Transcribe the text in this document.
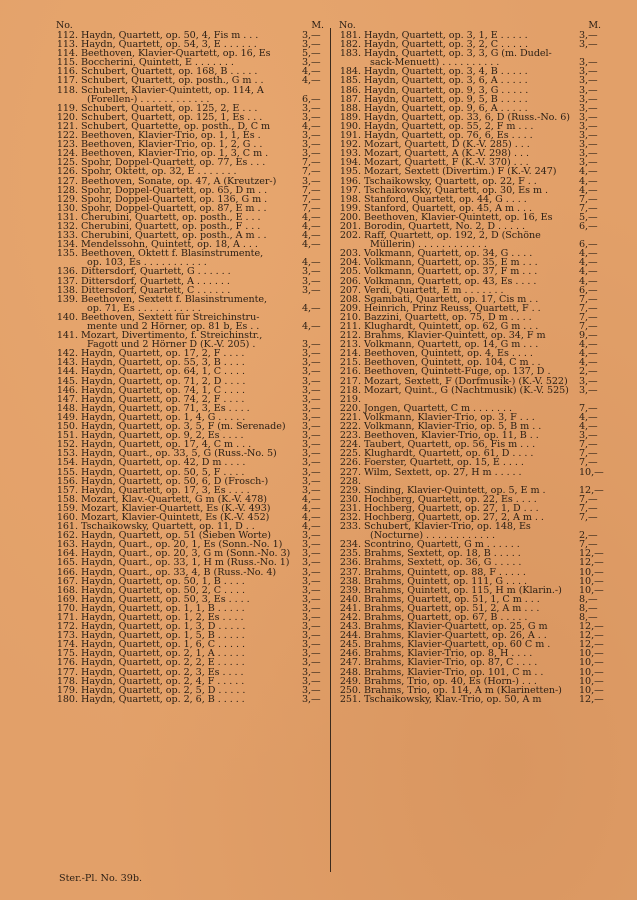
No.	M.
112. Haydn, Quartett, op. 50, 4, Fis m . . .	3,—
113. Haydn, Quartett, op. 54, 3, E . . . . . .	3,—
114. Beethoven, Klavier-Quartett, op. 16, Es	5,—
115. Boccherini, Quintett, E . . . . . . .	3,—
116. Schubert, Quartett, op. 168, B . . . . .	4,—
117. Schubert, Quartett, op. posth., G m . .	4,—
118. Schubert, Klavier-Quintett, op. 114, A
(Forellen-) . . . . . . . . . . . .	6,—
119. Schubert, Quartett, op. 125, 2, E . . .	3,—
120. Schubert, Quartett, op. 125, 1, Es . . .	3,—
121. Schubert, Quartette, op. posth., D, C m	4,—
122. Beethoven, Klavier-Trio, op. 1, 1, Es .	3,—
123. Beethoven, Klavier-Trio, op. 1, 2, G . .	3,—
124. Beethoven, Klavier-Trio, op. 1, 3, C m .	3,—
125. Spohr, Doppel-Quartett, op. 77, Es . . .	7,—
126. Spohr, Oktett, op. 32, E . . . . . . .	7,—
127. Beethoven, Sonate, op. 47, A (Kreutzer-)	3,—
128. Spohr, Doppel-Quartett, op. 65, D m . .	7,—
129. Spohr, Doppel-Quartett, op. 136, G m .	7,—
130. Spohr, Doppel-Quartett, op. 87, E m . .	7,—
131. Cherubini, Quartett, op. posth., E . . .	4,—
132. Cherubini, Quartett, op. posth., F . . .	4,—
133. Cherubini, Quartett, op. posth., A m . .	4,—
134. Mendelssohn, Quintett, op. 18, A . . .	4,—
135. Beethoven, Oktett f. Blasinstrumente,
op. 103, Es . . . . . . . . . . .	4,—
136. Dittersdorf, Quartett, G . . . . . .	3,—
137. Dittersdorf, Quartett, A . . . . . .	3,—
138. Dittersdorf, Quartett, C . . . . . .	3,—
139. Beethoven, Sextett f. Blasinstrumente,
op. 71, Es . . . . . . . . . . .	4,—
140. Beethoven, Sextett für Streichinstru-
mente und 2 Hörner, op. 81 b, Es . .	4,—
141. Mozart, Divertimento, f. Streichinstr.,
Fagott und 2 Hörner D (K.-V. 205) .	3,—
142. Haydn, Quartett, op. 17, 2, F . . . .	3,—
143. Haydn, Quartett, op. 55, 3, B . . . .	3,—
144. Haydn, Quartett, op. 64, 1, C . . . .	3,—
145. Haydn, Quartett, op. 71, 2, D . . . .	3,—
146. Haydn, Quartett, op. 74, 1, C . . . .	3,—
147. Haydn, Quartett, op. 74, 2, F . . . .	3,—
148. Haydn, Quartett, op. 71, 3, Es . . . .	3,—
149. Haydn, Quartett, op. 1, 4, G . . . . .	3,—
150. Haydn, Quartett, op. 3, 5, F (m. Serenade)	3,—
151. Haydn, Quartett, op. 9, 2, Es . . . .	3,—
152. Haydn, Quartett, op. 17, 4, C m . . .	3,—
153. Haydn, Quart., op. 33, 5, G (Russ.-No. 5)	3,—
154. Haydn, Quartett, op. 42, D m . . . .	3,—
155. Haydn, Quartett, op. 50, 5, F . . . .	3,—
156. Haydn, Quartett, op. 50, 6, D (Frosch-)	3,—
157. Haydn, Quartett, op. 17, 3, Es . . . .	3,—
158. Mozart, Klav.-Quartett, G m (K.-V. 478)	4,—
159. Mozart, Klavier-Quartett, Es (K.-V. 493)	4,—
160. Mozart, Klavier-Quintett, Es (K.-V. 452)	4,—
161. Tschaikowsky, Quartett, op. 11, D . .	4,—
162. Haydn, Quartett, op. 51 (Sieben Worte)	3,—
163. Haydn, Quart., op. 20, 1, Es (Sonn.-No. 1)	3,—
164. Haydn, Quart., op. 20, 3, G m (Sonn.-No. 3)	3,—
165. Haydn, Quart., op. 33, 1, H m (Russ.-No. 1)	3,—
166. Haydn, Quart., op. 33, 4, B (Russ.-No. 4)	3,—
167. Haydn, Quartett, op. 50, 1, B . . . .	3,—
168. Haydn, Quartett, op. 50, 2, C . . . .	3,—
169. Haydn, Quartett, op. 50, 3, Es . . . .	3,—
170. Haydn, Quartett, op. 1, 1, B . . . . .	3,—
171. Haydn, Quartett, op. 1, 2, Es . . . .	3,—
172. Haydn, Quartett, op. 1, 3, D . . . . .	3,—
173. Haydn, Quartett, op. 1, 5, B . . . . .	3,—
174. Haydn, Quartett, op. 1, 6, C . . . . .	3,—
175. Haydn, Quartett, op. 2, 1, A . . . . .	3,—
176. Haydn, Quartett, op. 2, 2, E . . . . .	3,—
177. Haydn, Quartett, op. 2, 3, Es . . . .	3,—
178. Haydn, Quartett, op. 2, 4, F . . . . .	3,—
179. Haydn, Quartett, op. 2, 5, D . . . . .	3,—
180. Haydn, Quartett, op. 2, 6, B . . . . .	3,—
No.	M.
181. Haydn, Quartett, op. 3, 1, E . . . . .	3,—
182. Haydn, Quartett, op. 3, 2, C . . . . .	3,—
183. Haydn, Quartett, op. 3, 3, G (m. Dudel-
sack-Menuett) . . . . . . . . . .	3,—
184. Haydn, Quartett, op. 3, 4, B . . . . .	3,—
185. Haydn, Quartett, op. 3, 6, A . . . . .	3,—
186. Haydn, Quartett, op. 9, 3, G . . . . .	3,—
187. Haydn, Quartett, op. 9, 5, B . . . . .	3,—
188. Haydn, Quartett, op. 9, 6, A . . . . .	3,—
189. Haydn, Quartett, op. 33, 6, D (Russ.-No. 6) 3,—
190. Haydn, Quartett, op. 55, 2, F m . . .	3,—
191. Haydn, Quartett, op. 76, 6, Es . . . .	3,—
192. Mozart, Quartett, D (K.-V. 285) . . .	3,—
193. Mozart, Quartett, A (K.-V. 298) . . .	3,—
194. Mozart, Quartett, F (K.-V. 370) . . .	3,—
195. Mozart, Sextett (Divertim.) F (K.-V. 247)	4,—
196. Tschaikowsky, Quartett, op. 22, F . .	4,—
197. Tschaikowsky, Quartett, op. 30, Es m .	4,—
198. Stanford, Quartett, op. 44, G . . . .	7,—
199. Stanford, Quartett, op. 45, A m . . .	7,—
200. Beethoven, Klavier-Quintett, op. 16, Es	5,—
201. Borodin, Quartett, No. 2, D . . . . .	6,—
202. Raff, Quartett, op. 192, 2, D (Schöne
Müllerin) . . . . . . . . . . . .	6,—
203. Volkmann, Quartett, op. 34, G . . . .	4,—
204. Volkmann, Quartett, op. 35, E m . . .	4,—
205. Volkmann, Quartett, op. 37, F m . . .	4,—
206. Volkmann, Quartett, op. 43, Es . . . .	4,—
207. Verdi, Quartett, E m . . . . . . .	6,—
208. Sgambati, Quartett, op. 17, Cis m . .	7,—
209. Heinrich, Prinz Reuss, Quartett, F . .	7,—
210. Bazzini, Quartett, op. 75, D m . . . .	7,—
211. Klughardt, Quintett, op. 62, G m . . .	7,—
212. Brahms, Klavier-Quintett, op. 34, F m	9,—
213. Volkmann, Quartett, op. 14, G m . . .	4,—
214. Beethoven, Quintett, op. 4, Es . . . .	4,—
215. Beethoven, Quintett, op. 104, C m . .	4,—
216. Beethoven, Quintett-Fuge, op. 137, D .	2,—
217. Mozart, Sextett, F (Dorfmusik-) (K.-V. 522)	3,—
218. Mozart, Quint., G (Nachtmusik) (K.-V. 525)	3,—
219.
220. Jongen, Quartett, C m . . . . . . .	7,—
221. Volkmann, Klavier-Trio, op. 3, F . . .	4,—
222. Volkmann, Klavier-Trio, op. 5, B m . .	4,—
223. Beethoven, Klavier-Trio, op. 11, B . .	3,—
224. Taubert, Quartett, op. 56, Fis m . . .	7,—
225. Klughardt, Quartett, op. 61, D . . . .	7,—
226. Foerster, Quartett, op. 15, E . . . .	7,—
227. Wilm, Sextett, op. 27, H m . . . . .	10,—
228.
229. Sinding, Klavier-Quintett, op. 5, E m .	12,—
230. Hochberg, Quartett, op. 22, Es . . . .	7,—
231. Hochberg, Quartett, op. 27, 1, D . . .	7,—
232. Hochberg, Quartett, op. 27, 2, A m . .	7,—
233. Schubert, Klavier-Trio, op. 148, Es
(Nocturne) . . . . . . . . . . . .	2,—
234. Scontrino, Quartett, G m . . . . . .	7,—
235. Brahms, Sextett, op. 18, B . . . . .	12,—
236. Brahms, Sextett, op. 36, G . . . . .	12,—
237. Brahms, Quintett, op. 88, F . . . . .	10,—
238. Brahms, Quintett, op. 111, G . . . .	10,—
239. Brahms, Quintett, op. 115, H m (Klarin.-)	10,—
240. Brahms, Quartett, op. 51, 1, C m . . .	8,—
241. Brahms, Quartett, op. 51, 2, A m . . .	8,—
242. Brahms, Quartett, op. 67, B . . . . .	8,—
243. Brahms, Klavier-Quartett, op. 25, G m	12,—
244. Brahms, Klavier-Quartett, op. 26, A . .	12,—
245. Brahms, Klavier-Quartett, op. 60 C m .	12,—
246. Brahms, Klavier-Trio, op. 8, H . . . .	10,—
247. Brahms, Klavier-Trio, op. 87, C . . . .	10,—
248. Brahms, Klavier-Trio, op. 101, C m . .	10,—
249. Brahms, Trio, op. 40, Es (Horn-) . . .	10,—
250. Brahms, Trio, op. 114, A m (Klarinetten-)	10,—
251. Tschaikowsky, Klav.-Trio, op. 50, A m	12,—
Ster.-Pl. No. 39b.
